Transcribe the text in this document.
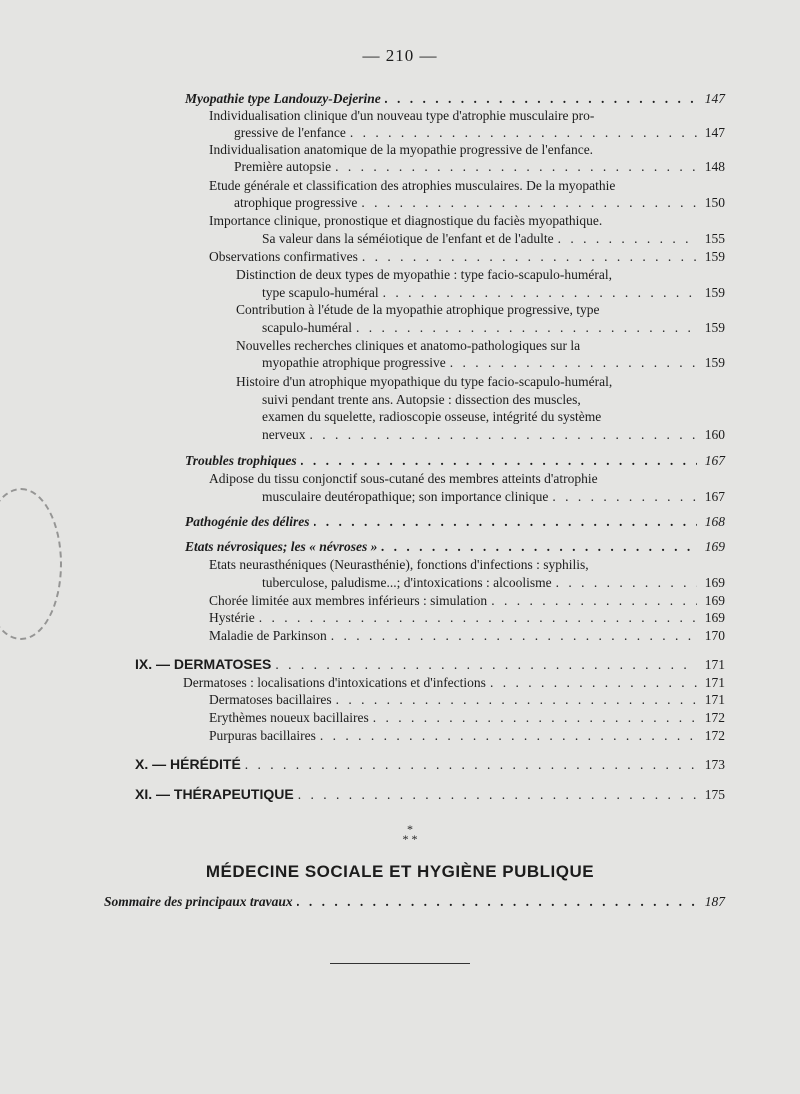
— 210 —
Myopathie type Landouzy-Dejerine . . .	147
Individualisation clinique d'un nouveau type d'atrophie musculaire pro-
gressive de l'enfance . . .	147
Individualisation anatomique de la myopathie progressive de l'enfance.
Première autopsie . . .	148
Etude générale et classification des atrophies musculaires. De la myopathie
atrophique progressive . . .	150
Importance clinique, pronostique et diagnostique du faciès myopathique.
Sa valeur dans la séméiotique de l'enfant et de l'adulte . . .	155
Observations confirmatives . . .	159
Distinction de deux types de myopathie : type facio-scapulo-huméral,
type scapulo-huméral . . .	159
Contribution à l'étude de la myopathie atrophique progressive, type
scapulo-huméral . . .	159
Nouvelles recherches cliniques et anatomo-pathologiques sur la
myopathie atrophique progressive . . .	159
Histoire d'un atrophique myopathique du type facio-scapulo-huméral,
suivi pendant trente ans. Autopsie : dissection des muscles,
examen du squelette, radioscopie osseuse, intégrité du système
nerveux . . .	160
Troubles trophiques . . .	167
Adipose du tissu conjonctif sous-cutané des membres atteints d'atrophie
musculaire deutéropathique; son importance clinique . . .	167
Pathogénie des délires . . .	168
Etats névrosiques; les « névroses » . . .	169
Etats neurasthéniques (Neurasthénie), fonctions d'infections : syphilis,
tuberculose, paludisme...; d'intoxications : alcoolisme . . .	169
Chorée limitée aux membres inférieurs : simulation . . .	169
Hystérie . . .	169
Maladie de Parkinson . . .	170
IX. — DERMATOSES . . .	171
Dermatoses : localisations d'intoxications et d'infections . . .	171
Dermatoses bacillaires . . .	171
Erythèmes noueux bacillaires . . .	172
Purpuras bacillaires . . .	172
X. — HÉRÉDITÉ . . .	173
XI. — THÉRAPEUTIQUE . . .	175
*
* *
MÉDECINE SOCIALE ET HYGIÈNE PUBLIQUE
Sommaire des principaux travaux . . .	187
